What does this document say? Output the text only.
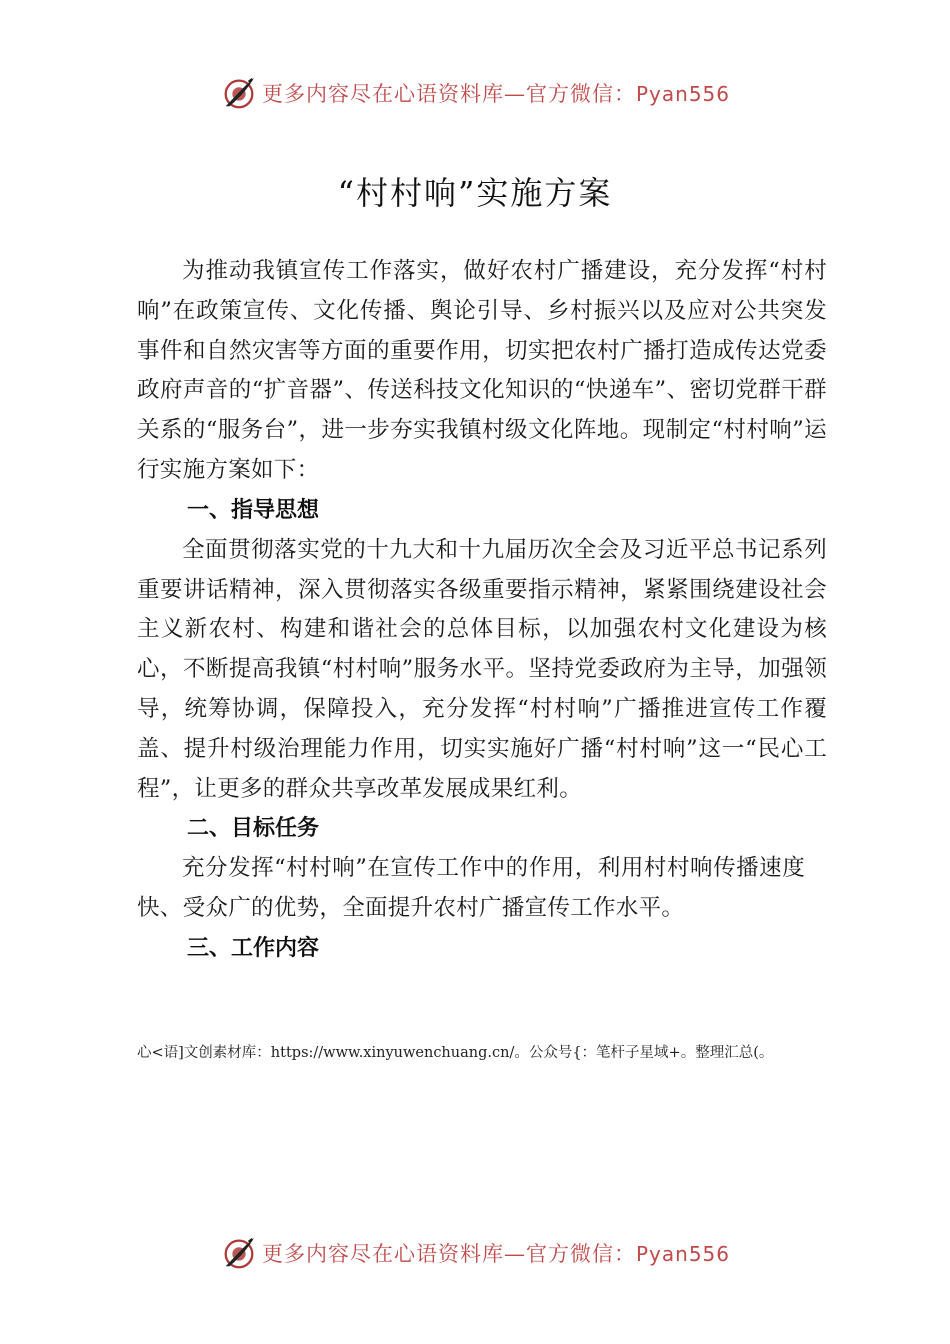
更多内容尽在心语资料库—官方微信：Pyan556
“村村响”实施方案

为推动我镇宣传工作落实，做好农村广播建设，充分发挥“村村响”在政策宣传、文化传播、舆论引导、乡村振兴以及应对公共突发事件和自然灾害等方面的重要作用，切实把农村广播打造成传达党委政府声音的“扩音器”、传送科技文化知识的“快递车”、密切党群干群关系的“服务台”，进一步夯实我镇村级文化阵地。现制定“村村响”运行实施方案如下：

一、指导思想

全面贯彻落实党的十九大和十九届历次全会及习近平总书记系列重要讲话精神，深入贯彻落实各级重要指示精神，紧紧围绕建设社会主义新农村、构建和谐社会的总体目标，以加强农村文化建设为核心，不断提高我镇“村村响”服务水平。坚持党委政府为主导，加强领导，统筹协调，保障投入，充分发挥“村村响”广播推进宣传工作覆盖、提升村级治理能力作用，切实实施好广播“村村响”这一“民心工程”，让更多的群众共享改革发展成果红利。

二、目标任务

充分发挥“村村响”在宣传工作中的作用，利用村村响传播速度快、受众广的优势，全面提升农村广播宣传工作水平。

三、工作内容

心<语]文创素材库：https://www.xinyuwenchuang.cn/。公众号{：笔杆子星域+。整理汇总(。

更多内容尽在心语资料库—官方微信：Pyan556
